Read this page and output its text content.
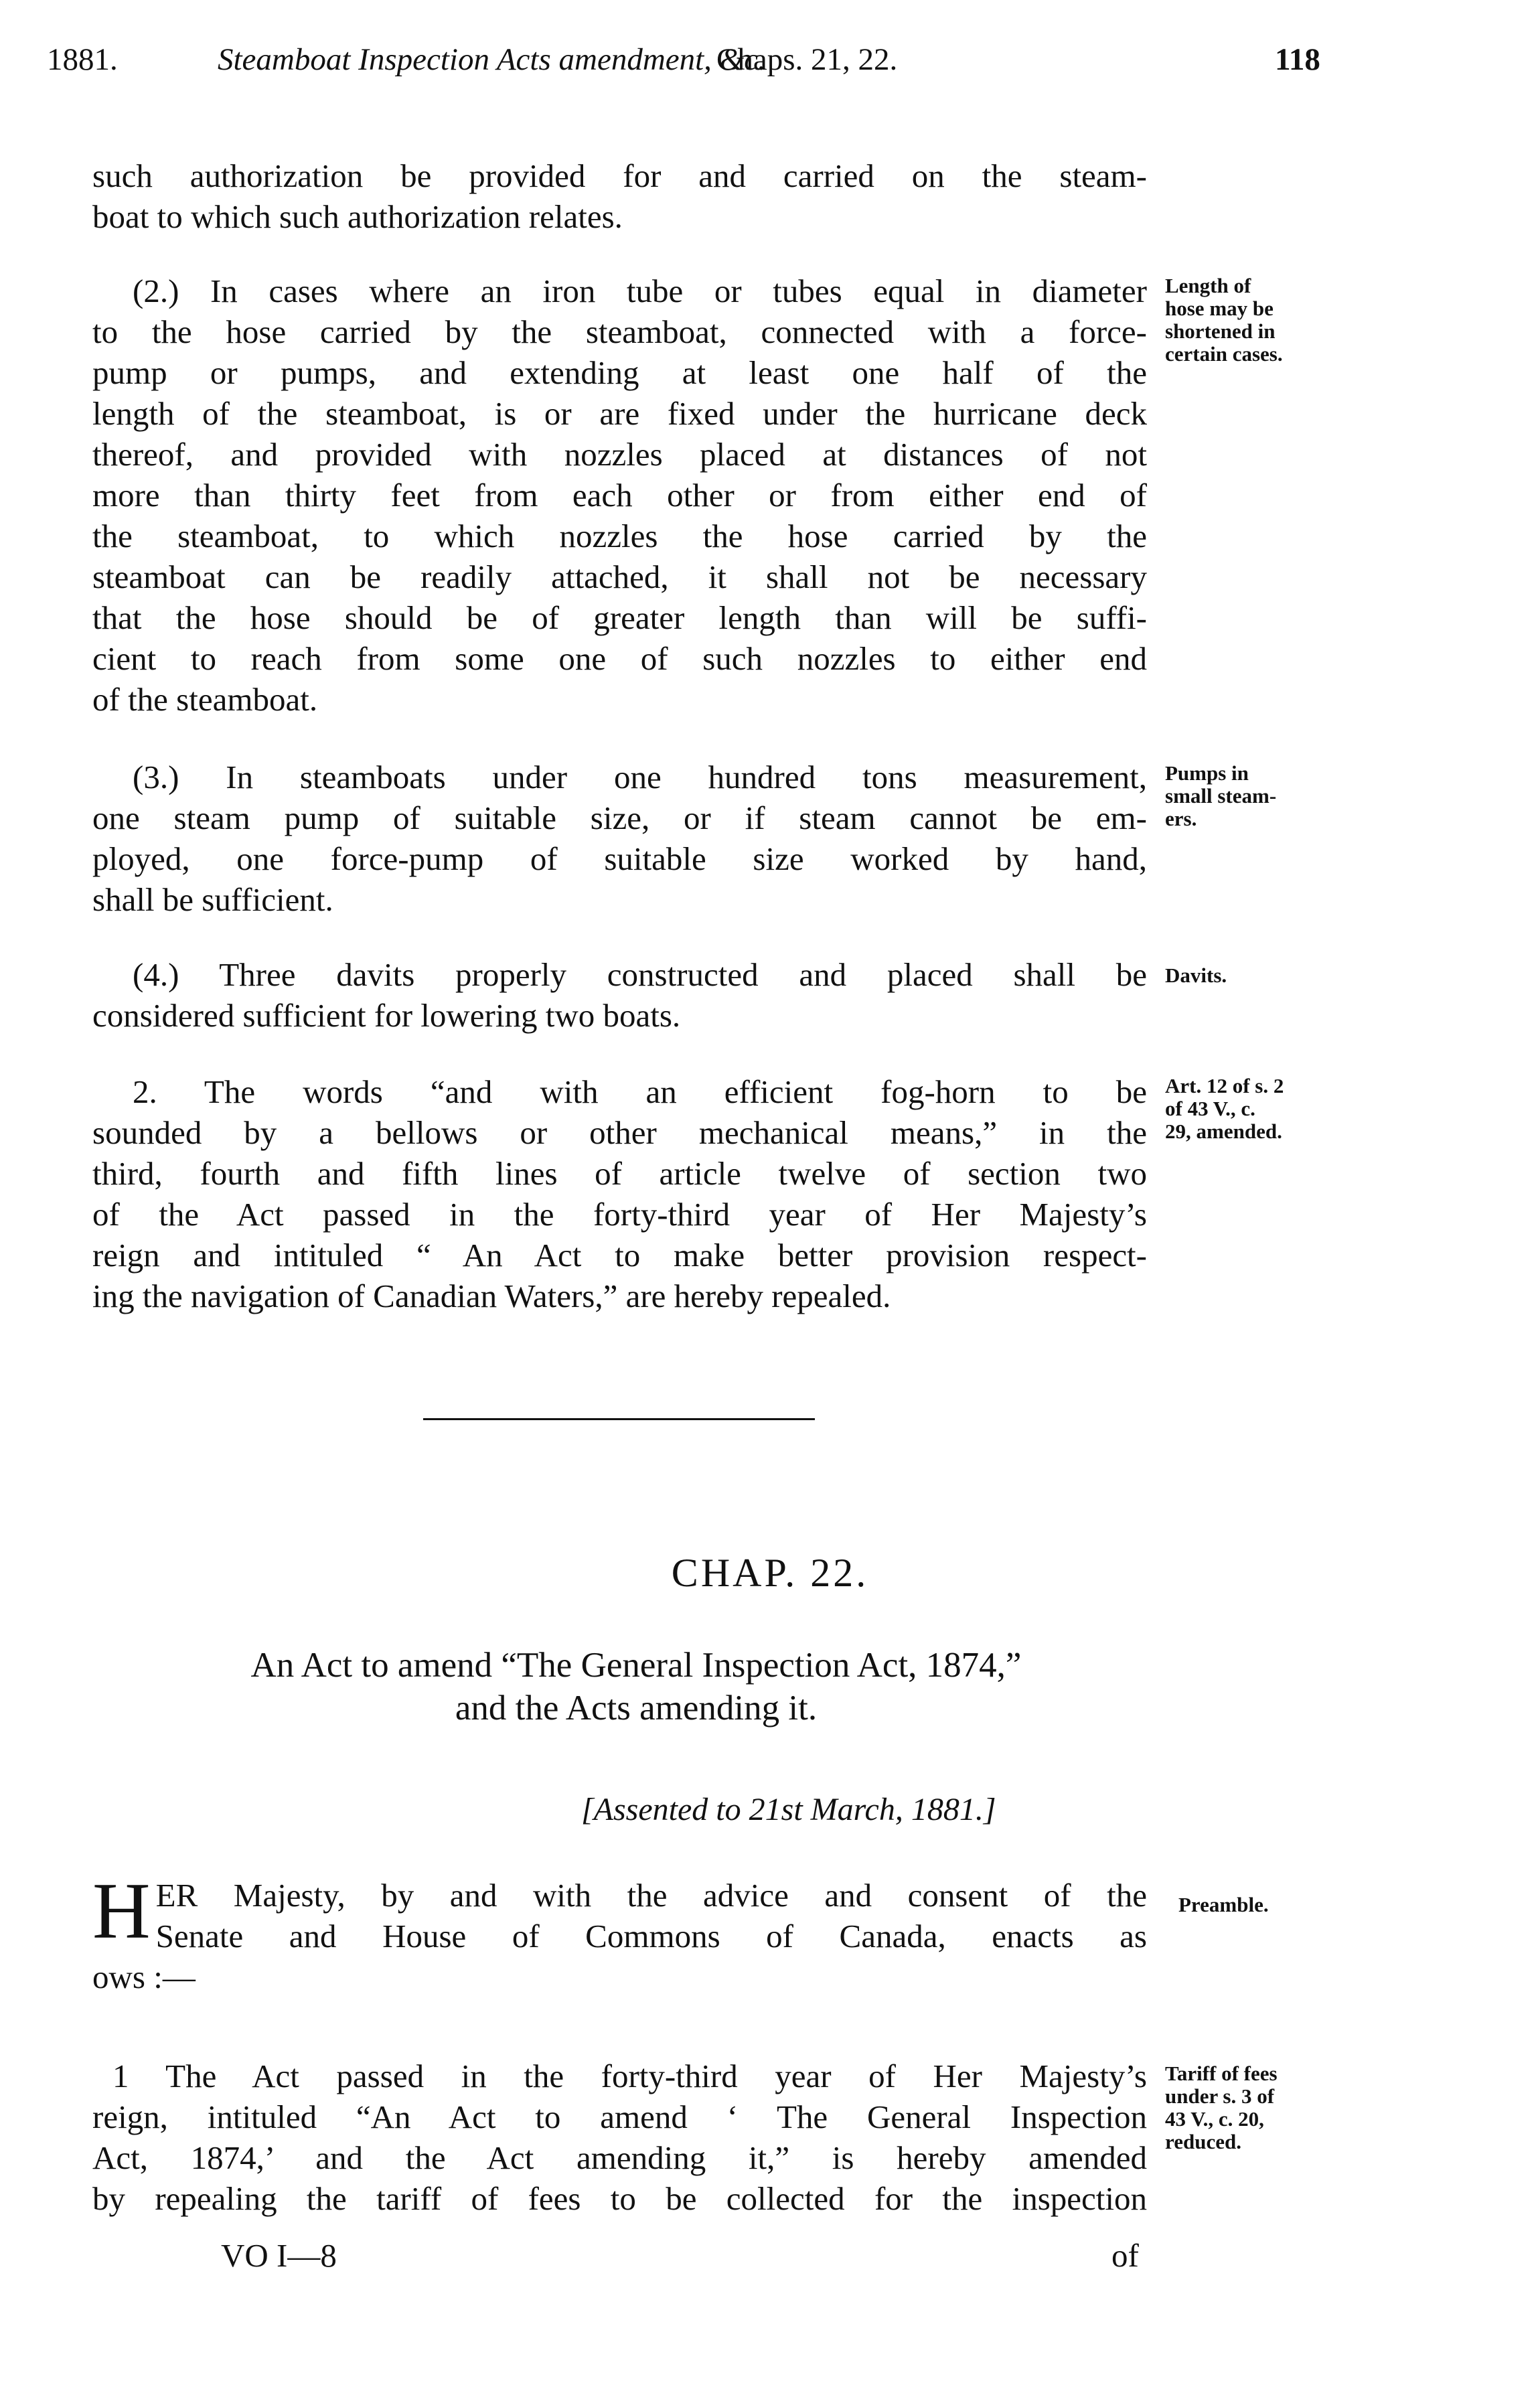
1881.	Steamboat Inspection Acts amendment, &c.
Chaps. 21, 22.	118
such authorization be provided for and carried on the steam-
boat to which such authorization relates.
(2.) In cases where an iron tube or tubes equal in diameter
to the hose carried by the steamboat, connected with a force-
pump or pumps, and extending at least one half of the
length of the steamboat, is or are fixed under the hurricane deck
thereof, and provided with nozzles placed at distances of not
more than thirty feet from each other or from either end of
the steamboat, to which nozzles the hose carried by the
steamboat can be readily attached, it shall not be necessary
that the hose should be of greater length than will be suffi-
cient to reach from some one of such nozzles to either end
of the steamboat.
Length of
hose may be
shortened in
certain cases.
(3.) In steamboats under one hundred tons measurement,
one steam pump of suitable size, or if steam cannot be em-
ployed, one force-pump of suitable size worked by hand,
shall be sufficient.
Pumps in
small steam-
ers.
(4.) Three davits properly constructed and placed shall be
considered sufficient for lowering two boats.
Davits.
2. The words “and with an efficient fog-horn to be
sounded by a bellows or other mechanical means,” in the
third, fourth and fifth lines of article twelve of section two
of the Act passed in the forty-third year of Her Majesty’s
reign and intituled “ An Act to make better provision respect-
ing the navigation of Canadian Waters,” are hereby repealed.
Art. 12 of s. 2
of 43 V., c.
29, amended.
CHAP. 22.
An Act to amend “The General Inspection Act, 1874,”
and the Acts amending it.
[Assented to 21st March, 1881.]
H ER Majesty, by and with the advice and consent of the
Senate and House of Commons of Canada, enacts as
ows :—
Preamble.
1 The Act passed in the forty-third year of Her Majesty’s
reign, intituled “An Act to amend ‘ The General Inspection
Act, 1874,’ and the Act amending it,” is hereby amended
by repealing the tariff of fees to be collected for the inspection
Tariff of fees
under s. 3 of
43 V., c. 20,
reduced.
VO I—8	of
